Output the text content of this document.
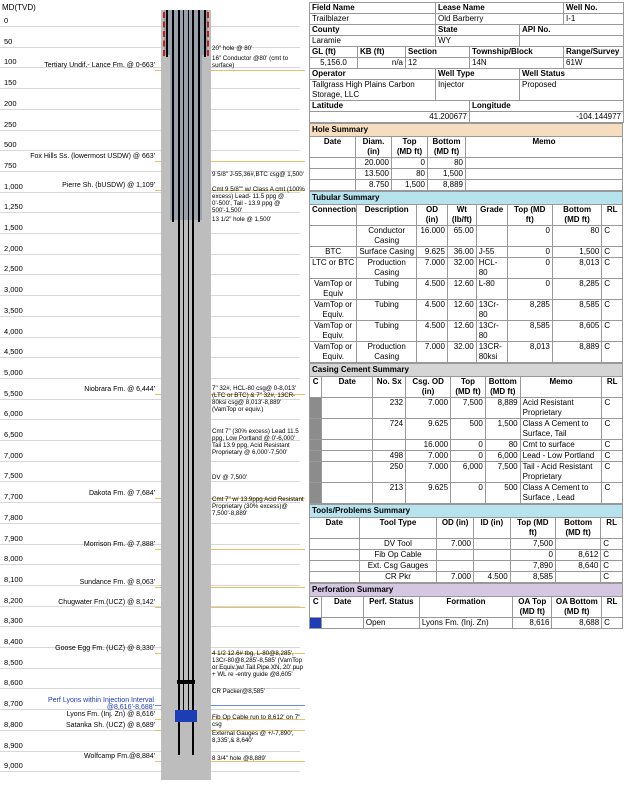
MD(TVD)
0
50
100
150
200
250
500
750
1,000
1,250
1,500
2,000
2,500
3,000
3,500
4,000
4,500
5,000
5,500
6,000
6,500
7,000
7,500
7,700
7,800
7,900
8,000
8,100
8,200
8,300
8,400
8,500
8,600
8,700
8,800
8,900
9,000
Tertiary Undif.- Lance Fm. @ 0-663'
Fox Hills Ss. (lowermost USDW) @ 663'
Pierre Sh. (bUSDW) @ 1,109'
Niobrara Fm. @ 6,444'
Dakota Fm. @ 7,684'
Morrison Fm. @ 7,888'
Sundance Fm. @ 8,063'
Chugwater Fm.(UCZ) @ 8,142'
Goose Egg Fm. (UCZ) @ 8,330'
Perf Lyons within Injection Interval @8,616'-8,688'
Lyons Fm. (Inj. Zn) @ 8,616'
Satanka Sh. (UCZ) @ 8,689'
Wolfcamp Fm.@8,884'
20" hole @ 80'
16" Conductor @80' (cmt to surface)
9 5/8" J-55,36#,BTC csg@ 1,500'
Cmt 9 5/8"" w/ Class A cmt (100% excess) Lead- 11.5 ppg @ 0'-500', Tail - 13.9 ppg @ 500'-1,500'
13 1/2" hole @ 1,500'
7" 32#, HCL-80 csg@ 0-8,013' (LTC or BTC) & 7" 32#, 13CR-80ksi csg@ 8,013'-8,889' (VamTop or equiv.)
Cmt 7" (30% excess) Lead 11.5 ppg, Low Portland @ 0'-6,000' Tail 13.9 ppg, Acid Resistant Proprietary @ 6,000'-7,500'
DV @ 7,500'
Cmt 7" w/ 13.9ppg Acid Resistant Proprietary (30% excess)@ 7,500'-8,889'
4 1/2 12.6# tbg, L-80@8,285', 13Cr-80@8,285'-8,585' (VamTop or Equiv.)w/ Tail Pipe XN, 20' pup + WL re -entry guide @8,605'
CR Packer@8,585'
Fib Op Cable run to 8,612' on 7" csg
External Gauges @ +/-7,890', 8,335',& 8,640'
8 3/4" hole @8,889'
Field Name			Lease Name			Well No.
Trailblazer			Old Barberry			I-1
County			State		API No.	
Laramie			WY			
GL (ft)	KB (ft)	Section		Township/Block		Range/Survey
5,156.0	n/a	12		14N		61W
Operator			Well Type		Well Status	
Tallgrass High Plains Carbon Storage, LLC			Injector		Proposed	
Latitude				Longitude		
41.200677				-104.144977		
Hole Summary				
Date	Diam. (in)	Top (MD ft)	Bottom (MD ft)	Memo
	20.000	0	80	
	13.500	80	1,500	
	8.750	1,500	8,889	
Tubular Summary							
Connection	Description	OD (in)	Wt (lb/ft)	Grade	Top (MD ft)	Bottom (MD ft)	RL
	Conductor Casing	16.000	65.00		0	80	C
BTC	Surface Casing	9.625	36.00	J-55	0	1,500	C
LTC or BTC	Production Casing	7.000	32.00	HCL-80	0	8,013	C
VamTop or Equiv	Tubing	4.500	12.60	L-80	0	8,285	C
VamTop or Equiv.	Tubing	4.500	12.60	13Cr-80	8,285	8,585	C
VamTop or Equiv.	Tubing	4.500	12.60	13Cr-80	8,585	8,605	C
VamTop or Equiv.	Production Casing	7.000	32.00	13CR-80ksi	8,013	8,889	C
Casing Cement Summary							
C	Date	No. Sx	Csg. OD (in)	Top (MD ft)	Bottom (MD ft)	Memo	RL
		232	7.000	7,500	8,889	Acid Resistant Proprietary	C
		724	9.625	500	1,500	Class A Cement to Surface, Tail	C
			16.000	0	80	Cmt to surface	C
		498	7.000	0	6,000	Lead - Low Portland	C
		250	7.000	6,000	7,500	Tail - Acid Resistant Proprietary	C
		213	9.625	0	500	Class A Cement to Surface , Lead	C
Tools/Problems Summary						
Date	Tool Type	OD (in)	ID (in)	Top (MD ft)	Bottom (MD ft)	RL
	DV Tool	7.000		7,500		C
	Fib Op Cable			0	8,612	C
	Ext. Csg Gauges			7,890	8,640	C
	CR Pkr	7.000	4.500	8,585		C
Perforation Summary						
C	Date	Perf. Status	Formation	OA Top (MD ft)	OA Bottom (MD ft)	RL
		Open	Lyons Fm. (Inj. Zn)	8,616	8,688	C
